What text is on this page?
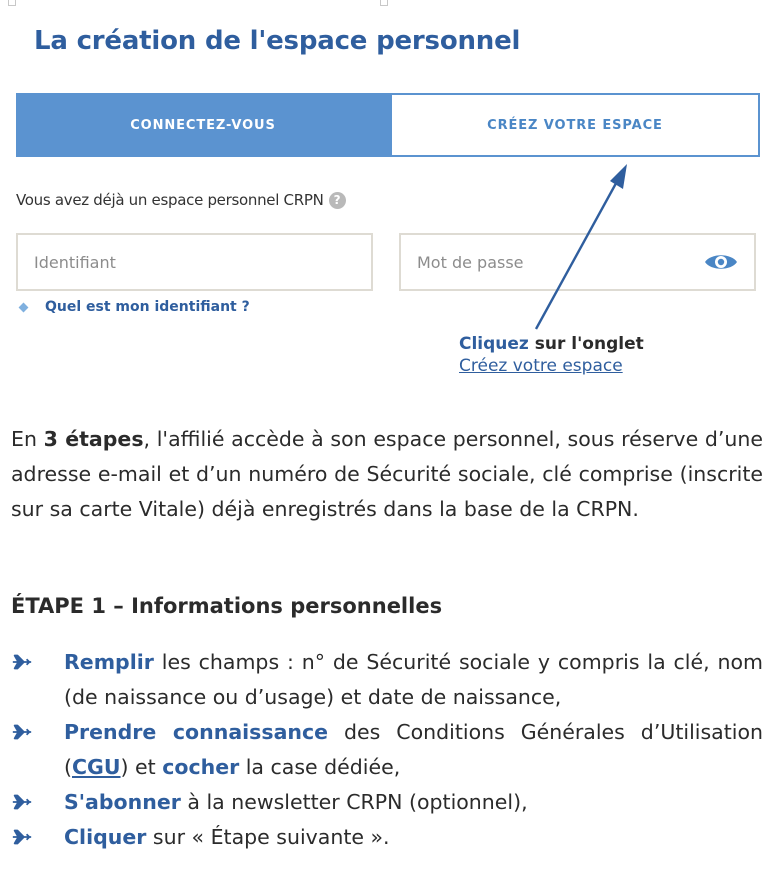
La création de l'espace personnel
CONNECTEZ-VOUS	CRÉEZ VOTRE ESPACE
Vous avez déjà un espace personnel CRPN ?
Identifiant	Mot de passe
Quel est mon identifiant ?
Cliquez sur l'onglet
Créez votre espace

En 3 étapes, l'affilié accède à son espace personnel, sous réserve d’une adresse e-mail et d’un numéro de Sécurité sociale, clé comprise (inscrite sur sa carte Vitale) déjà enregistrés dans la base de la CRPN.

ÉTAPE 1 – Informations personnelles
Remplir les champs : n° de Sécurité sociale y compris la clé, nom (de naissance ou d’usage) et date de naissance,
Prendre connaissance des Conditions Générales d’Utilisation (CGU) et cocher la case dédiée,
S'abonner à la newsletter CRPN (optionnel),
Cliquer sur « Étape suivante ».
